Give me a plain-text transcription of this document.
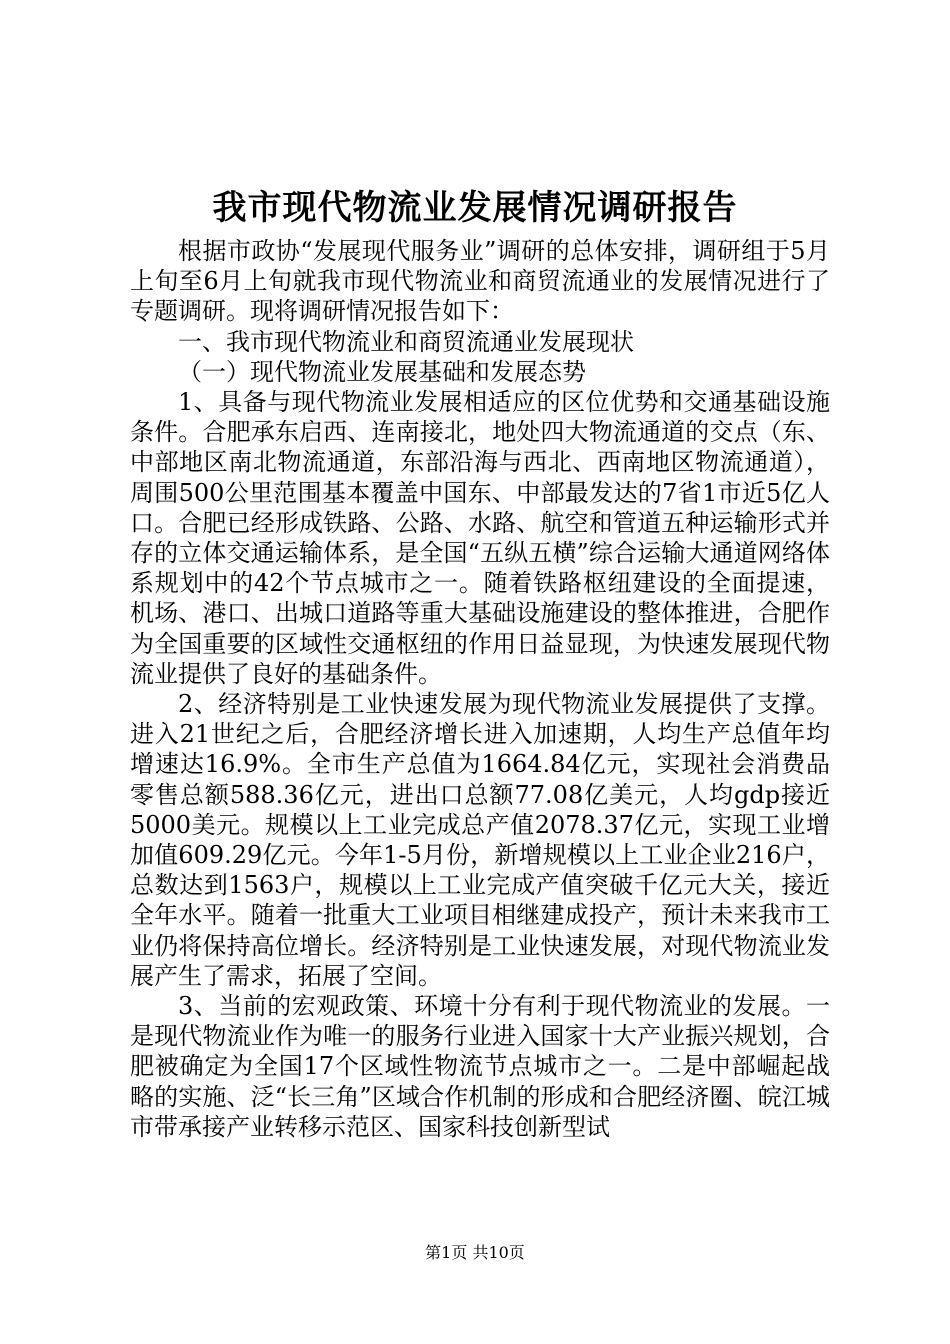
我市现代物流业发展情况调研报告

根据市政协“发展现代服务业”调研的总体安排，调研组于5月上旬至6月上旬就我市现代物流业和商贸流通业的发展情况进行了专题调研。现将调研情况报告如下：

一、我市现代物流业和商贸流通业发展现状

（一）现代物流业发展基础和发展态势

1、具备与现代物流业发展相适应的区位优势和交通基础设施条件。合肥承东启西、连南接北，地处四大物流通道的交点（东、中部地区南北物流通道，东部沿海与西北、西南地区物流通道），周围500公里范围基本覆盖中国东、中部最发达的7省1市近5亿人口。合肥已经形成铁路、公路、水路、航空和管道五种运输形式并存的立体交通运输体系，是全国“五纵五横”综合运输大通道网络体系规划中的42个节点城市之一。随着铁路枢纽建设的全面提速，机场、港口、出城口道路等重大基础设施建设的整体推进，合肥作为全国重要的区域性交通枢纽的作用日益显现，为快速发展现代物流业提供了良好的基础条件。

2、经济特别是工业快速发展为现代物流业发展提供了支撑。进入21世纪之后，合肥经济增长进入加速期，人均生产总值年均增速达16.9%。全市生产总值为1664.84亿元，实现社会消费品零售总额588.36亿元，进出口总额77.08亿美元，人均gdp接近5000美元。规模以上工业完成总产值2078.37亿元，实现工业增加值609.29亿元。今年1-5月份，新增规模以上工业企业216户，总数达到1563户，规模以上工业完成产值突破千亿元大关，接近全年水平。随着一批重大工业项目相继建成投产，预计未来我市工业仍将保持高位增长。经济特别是工业快速发展，对现代物流业发展产生了需求，拓展了空间。

3、当前的宏观政策、环境十分有利于现代物流业的发展。一是现代物流业作为唯一的服务行业进入国家十大产业振兴规划，合肥被确定为全国17个区域性物流节点城市之一。二是中部崛起战略的实施、泛“长三角”区域合作机制的形成和合肥经济圈、皖江城市带承接产业转移示范区、国家科技创新型试

第1页 共10页
